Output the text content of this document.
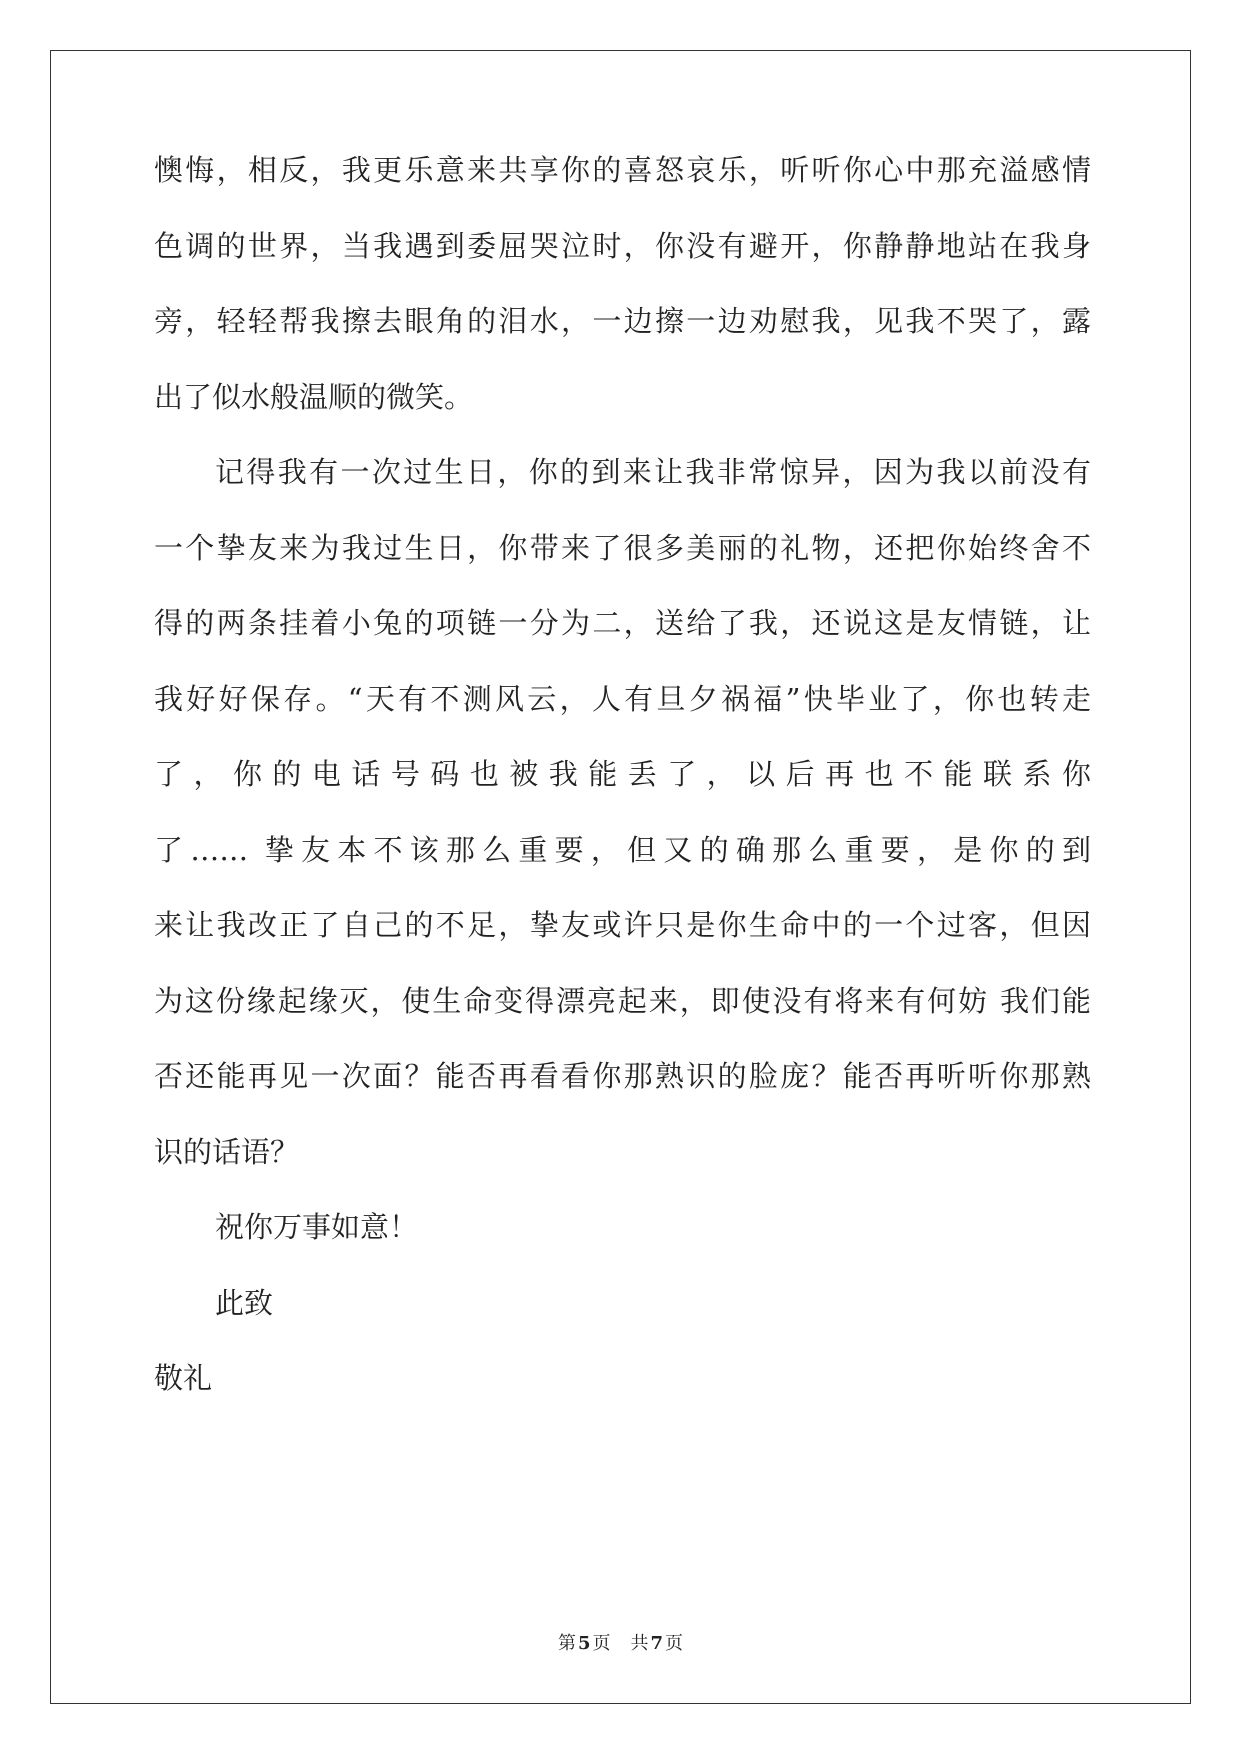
懊悔，相反，我更乐意来共享你的喜怒哀乐，听听你心中那充溢感情
色调的世界，当我遇到委屈哭泣时，你没有避开，你静静地站在我身
旁，轻轻帮我擦去眼角的泪水，一边擦一边劝慰我，见我不哭了，露
出了似水般温顺的微笑。
记得我有一次过生日，你的到来让我非常惊异，因为我以前没有
一个挚友来为我过生日，你带来了很多美丽的礼物，还把你始终舍不
得的两条挂着小兔的项链一分为二，送给了我，还说这是友情链，让
我好好保存。“天有不测风云，人有旦夕祸福”快毕业了，你也转走
了，你的电话号码也被我能丢了，以后再也不能联系你
了‥‥‥ 挚友本不该那么重要，但又的确那么重要，是你的到
来让我改正了自己的不足，挚友或许只是你生命中的一个过客，但因
为这份缘起缘灭，使生命变得漂亮起来，即使没有将来有何妨 我们能
否还能再见一次面？能否再看看你那熟识的脸庞？能否再听听你那熟
识的话语？
祝你万事如意！
此致
敬礼
第 5 页 共 7 页
